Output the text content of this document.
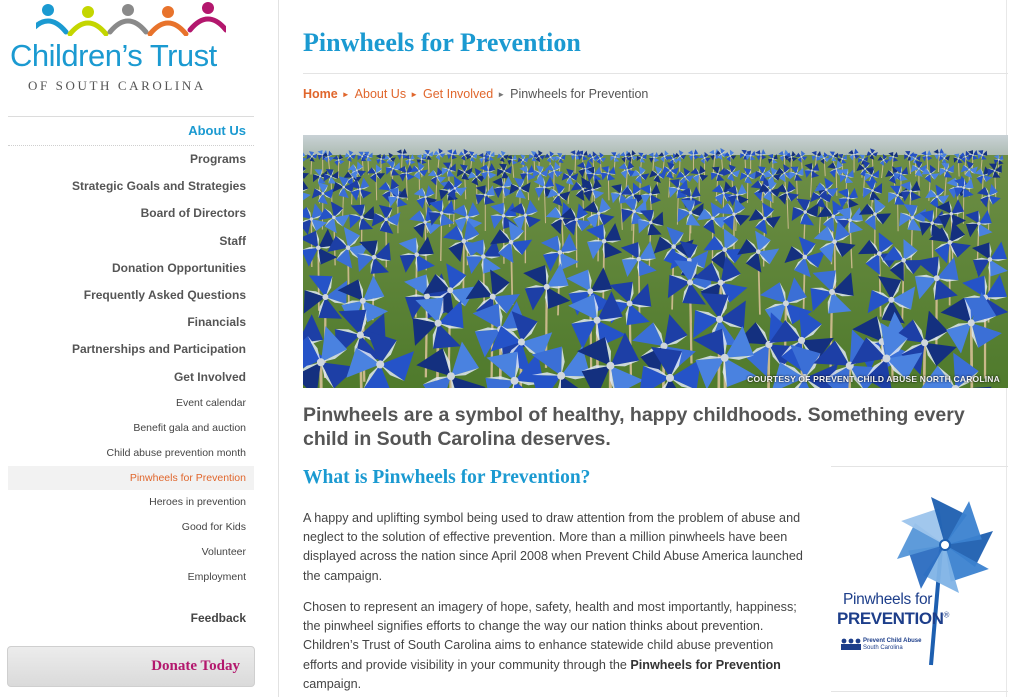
Children’s Trust
OF SOUTH CAROLINA
About Us
Programs
Strategic Goals and Strategies
Board of Directors
Staff
Donation Opportunities
Frequently Asked Questions
Financials
Partnerships and Participation
Get Involved
Event calendar
Benefit gala and auction
Child abuse prevention month
Pinwheels for Prevention
Heroes in prevention
Good for Kids
Volunteer
Employment
Feedback
Donate Today
Pinwheels for Prevention
Home ► About Us ► Get Involved ► Pinwheels for Prevention
COURTESY OF PREVENT CHILD ABUSE NORTH CAROLINA
Pinwheels are a symbol of healthy, happy childhoods. Something every child in South Carolina deserves.
What is Pinwheels for Prevention?

A happy and uplifting symbol being used to draw attention from the problem of abuse and neglect to the solution of effective prevention. More than a million pinwheels have been displayed across the nation since April 2008 when Prevent Child Abuse America launched the campaign.

Chosen to represent an imagery of hope, safety, health and most importantly, happiness; the pinwheel signifies efforts to change the way our nation thinks about prevention. Children’s Trust of South Carolina aims to enhance statewide child abuse prevention efforts and provide visibility in your community through the Pinwheels for Prevention campaign.

Pinwheels for
PREVENTION®
Prevent Child Abuse
South Carolina
